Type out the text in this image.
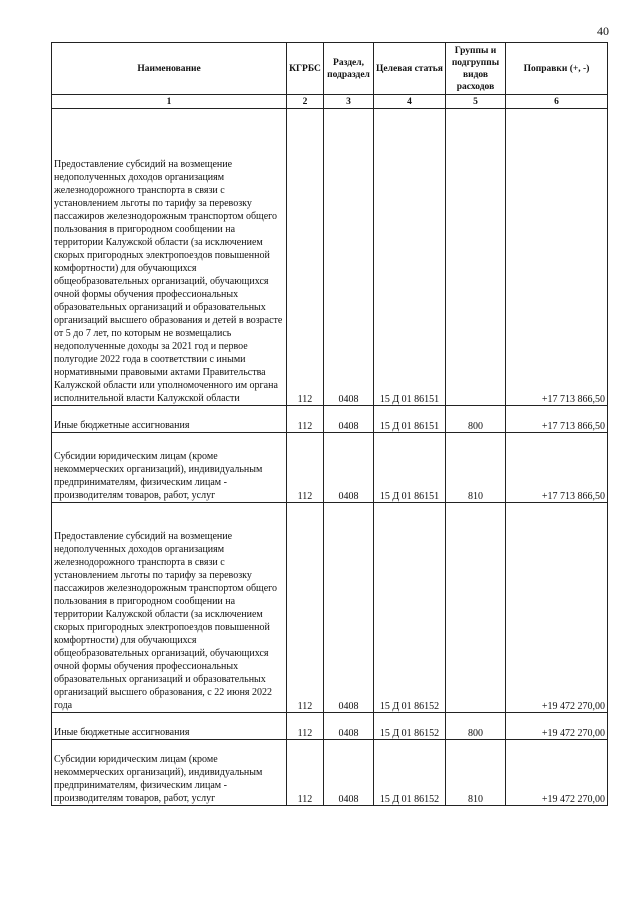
40
Наименование	КГРБС	Раздел, подраздел	Целевая статья	Группы и подгруппы видов расходов	Поправки (+, -)
1	2	3	4	5	6
Предоставление субсидий на возмещение недополученных доходов организациям железнодорожного транспорта в связи с установлением льготы по тарифу за перевозку пассажиров железнодорожным транспортом общего пользования в пригородном сообщении на территории Калужской области (за исключением скорых пригородных электропоездов повышенной комфортности) для обучающихся общеобразовательных организаций, обучающихся очной формы обучения профессиональных образовательных организаций и образовательных организаций высшего образования и детей в возрасте от 5 до 7 лет, по которым не возмещались недополученные доходы за 2021 год и первое полугодие 2022 года в соответствии с иными нормативными правовыми актами Правительства Калужской области или уполномоченного им органа исполнительной власти Калужской области	112	0408	15 Д 01 86151		+17 713 866,50
Иные бюджетные ассигнования	112	0408	15 Д 01 86151	800	+17 713 866,50
Субсидии юридическим лицам (кроме некоммерческих организаций), индивидуальным предпринимателям, физическим лицам - производителям товаров, работ, услуг	112	0408	15 Д 01 86151	810	+17 713 866,50
Предоставление субсидий на возмещение недополученных доходов организациям железнодорожного транспорта в связи с установлением льготы по тарифу за перевозку пассажиров железнодорожным транспортом общего пользования в пригородном сообщении на территории Калужской области (за исключением скорых пригородных электропоездов повышенной комфортности) для обучающихся общеобразовательных организаций, обучающихся очной формы обучения профессиональных образовательных организаций и образовательных организаций высшего образования, с 22 июня 2022 года	112	0408	15 Д 01 86152		+19 472 270,00
Иные бюджетные ассигнования	112	0408	15 Д 01 86152	800	+19 472 270,00
Субсидии юридическим лицам (кроме некоммерческих организаций), индивидуальным предпринимателям, физическим лицам - производителям товаров, работ, услуг	112	0408	15 Д 01 86152	810	+19 472 270,00
